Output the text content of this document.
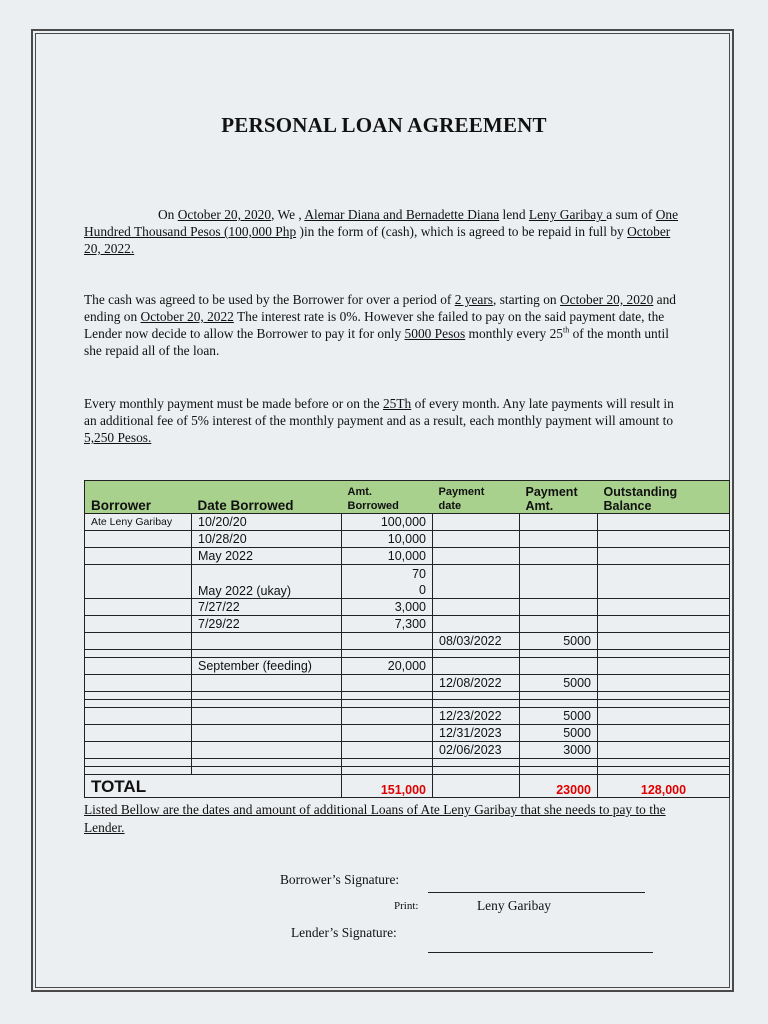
PERSONAL LOAN AGREEMENT
On October 20, 2020, We , Alemar Diana and Bernadette Diana lend Leny Garibay a sum of One Hundred Thousand Pesos (100,000 Php )in the form of (cash), which is agreed to be repaid in full by October 20, 2022.
The cash was agreed to be used by the Borrower for over a period of 2 years, starting on October 20, 2020 and ending on October 20, 2022 The interest rate is 0%. However she failed to pay on the said payment date, the Lender now decide to allow the Borrower to pay it for only 5000 Pesos monthly every 25th of the month until she repaid all of the loan.
Every monthly payment must be made before or on the 25Th of every month. Any late payments will result in an additional fee of 5% interest of the monthly payment and as a result, each monthly payment will amount to 5,250 Pesos.
Borrower	Date Borrowed	Amt. Borrowed	Payment date	Payment Amt.	Outstanding Balance

Ate Leny Garibay	10/20/20	100,000			
	10/28/20	10,000			
	May 2022	10,000			
	May 2022 (ukay)	70
0			
	7/27/22	3,000			
	7/29/22	7,300			
			08/03/2022	5000	

	September (feeding)	20,000			
			12/08/2022	5000	

			12/23/2022	5000	
			12/31/2023	5000	
			02/06/2023	3000	

TOTAL		151,000		23000	128,000
Listed Bellow are the dates and amount of additional Loans of Ate Leny Garibay that she needs to pay to the Lender.
Borrower’s Signature:
Print:	Leny Garibay
Lender’s Signature:
